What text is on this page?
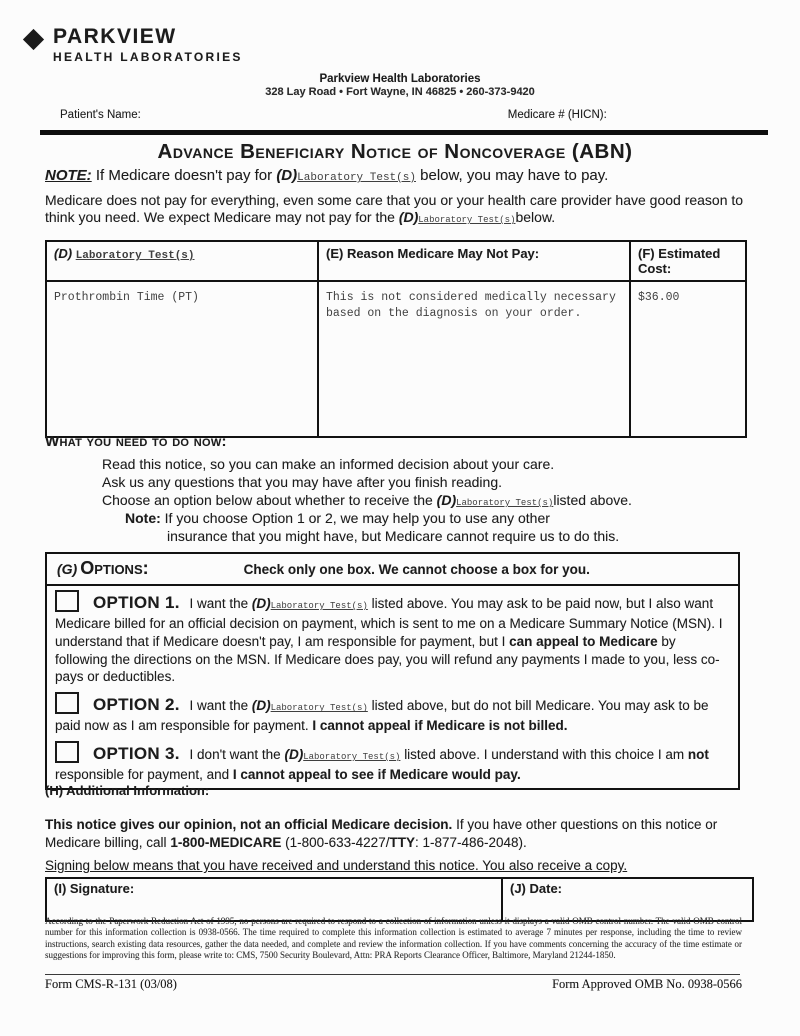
PARKVIEW
HEALTH LABORATORIES
Parkview Health Laboratories
328 Lay Road • Fort Wayne, IN 46825 • 260-373-9420
Patient's Name:	Medicare # (HICN):
Advance Beneficiary Notice of Noncoverage (ABN)
NOTE: If Medicare doesn't pay for (D)Laboratory Test(s) below, you may have to pay.
Medicare does not pay for everything, even some care that you or your health care provider have good reason to think you need. We expect Medicare may not pay for the (D)Laboratory Test(s)below.
(D) Laboratory Test(s)	(E) Reason Medicare May Not Pay:	(F) Estimated Cost:
Prothrombin Time (PT)	This is not considered medically necessary based on the diagnosis on your order.	$36.00
What you need to do now:
Read this notice, so you can make an informed decision about your care.
Ask us any questions that you may have after you finish reading.
Choose an option below about whether to receive the (D)Laboratory Test(s)listed above.
Note: If you choose Option 1 or 2, we may help you to use any other
insurance that you might have, but Medicare cannot require us to do this.
(G) Options:	Check only one box. We cannot choose a box for you.
OPTION 1. I want the (D)Laboratory Test(s) listed above. You may ask to be paid now, but I also want Medicare billed for an official decision on payment, which is sent to me on a Medicare Summary Notice (MSN). I understand that if Medicare doesn't pay, I am responsible for payment, but I can appeal to Medicare by following the directions on the MSN. If Medicare does pay, you will refund any payments I made to you, less co-pays or deductibles.
OPTION 2. I want the (D)Laboratory Test(s) listed above, but do not bill Medicare. You may ask to be paid now as I am responsible for payment. I cannot appeal if Medicare is not billed.
OPTION 3. I don't want the (D)Laboratory Test(s) listed above. I understand with this choice I am not responsible for payment, and I cannot appeal to see if Medicare would pay.
(H) Additional Information:
This notice gives our opinion, not an official Medicare decision. If you have other questions on this notice or Medicare billing, call 1-800-MEDICARE (1-800-633-4227/TTY: 1-877-486-2048).
Signing below means that you have received and understand this notice. You also receive a copy.
(I) Signature:	(J) Date:
According to the Paperwork Reduction Act of 1995, no persons are required to respond to a collection of information unless it displays a valid OMB control number. The valid OMB control number for this information collection is 0938-0566. The time required to complete this information collection is estimated to average 7 minutes per response, including the time to review instructions, search existing data resources, gather the data needed, and complete and review the information collection. If you have comments concerning the accuracy of the time estimate or suggestions for improving this form, please write to: CMS, 7500 Security Boulevard, Attn: PRA Reports Clearance Officer, Baltimore, Maryland 21244-1850.
Form CMS-R-131 (03/08)	Form Approved OMB No. 0938-0566
